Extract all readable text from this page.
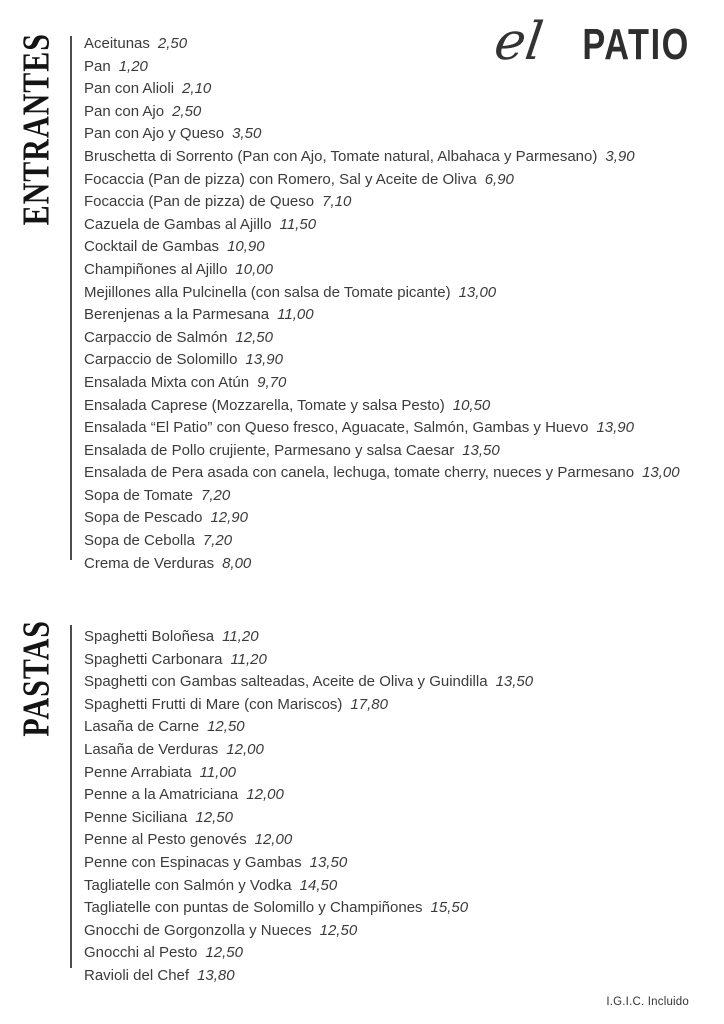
el PATIO
ENTRANTES Aceitunas 2,50
Pan 1,20
Pan con Alioli 2,10
Pan con Ajo 2,50
Pan con Ajo y Queso 3,50
Bruschetta di Sorrento (Pan con Ajo, Tomate natural, Albahaca y Parmesano) 3,90
Focaccia (Pan de pizza) con Romero, Sal y Aceite de Oliva 6,90
Focaccia (Pan de pizza) de Queso 7,10
Cazuela de Gambas al Ajillo 11,50
Cocktail de Gambas 10,90
Champiñones al Ajillo 10,00
Mejillones alla Pulcinella (con salsa de Tomate picante) 13,00
Berenjenas a la Parmesana 11,00
Carpaccio de Salmón 12,50
Carpaccio de Solomillo 13,90
Ensalada Mixta con Atún 9,70
Ensalada Caprese (Mozzarella, Tomate y salsa Pesto) 10,50
Ensalada “El Patio” con Queso fresco, Aguacate, Salmón, Gambas y Huevo 13,90
Ensalada de Pollo crujiente, Parmesano y salsa Caesar 13,50
Ensalada de Pera asada con canela, lechuga, tomate cherry, nueces y Parmesano 13,00
Sopa de Tomate 7,20
Sopa de Pescado 12,90
Sopa de Cebolla 7,20
Crema de Verduras 8,00
PASTAS Spaghetti Boloñesa 11,20
Spaghetti Carbonara 11,20
Spaghetti con Gambas salteadas, Aceite de Oliva y Guindilla 13,50
Spaghetti Frutti di Mare (con Mariscos) 17,80
Lasaña de Carne 12,50
Lasaña de Verduras 12,00
Penne Arrabiata 11,00
Penne a la Amatriciana 12,00
Penne Siciliana 12,50
Penne al Pesto genovés 12,00
Penne con Espinacas y Gambas 13,50
Tagliatelle con Salmón y Vodka 14,50
Tagliatelle con puntas de Solomillo y Champiñones 15,50
Gnocchi de Gorgonzolla y Nueces 12,50
Gnocchi al Pesto 12,50
Ravioli del Chef 13,80
I.G.I.C. Incluido
